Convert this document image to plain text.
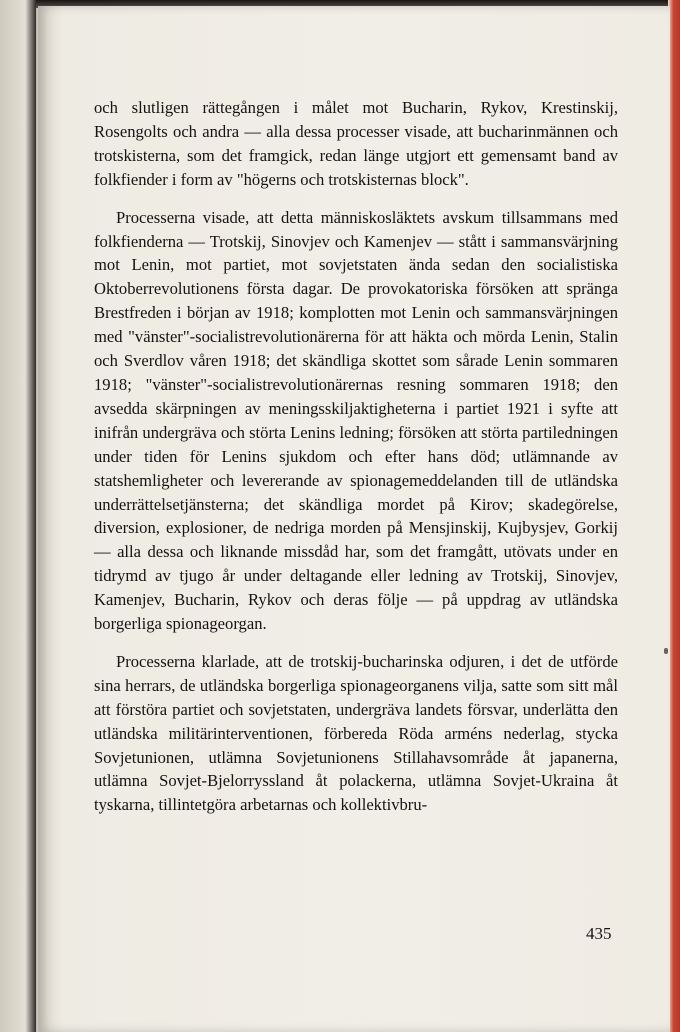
och slutligen rättegången i målet mot Bucharin, Rykov, Krestinskij, Rosengolts och andra — alla dessa processer visade, att bucharinmännen och trotskisterna, som det framgick, redan länge utgjort ett gemensamt band av folkfiender i form av "högerns och trotskisternas block".

Processerna visade, att detta människosläktets avskum tillsammans med folkfienderna — Trotskij, Sinovjev och Kamenjev — stått i sammansvärjning mot Lenin, mot partiet, mot sovjetstaten ända sedan den socialistiska Oktoberrevolutionens första dagar. De provokatoriska försöken att spränga Brestfreden i början av 1918; komplotten mot Lenin och sammansvärjningen med "vänster"-socialistrevolutionärerna för att häkta och mörda Lenin, Stalin och Sverdlov våren 1918; det skändliga skottet som sårade Lenin sommaren 1918; "vänster"-socialistrevolutionärernas resning sommaren 1918; den avsedda skärpningen av meningsskiljaktigheterna i partiet 1921 i syfte att inifrån undergräva och störta Lenins ledning; försöken att störta partiledningen under tiden för Lenins sjukdom och efter hans död; utlämnande av statshemligheter och levererande av spionagemeddelanden till de utländska underrättelsetjänsterna; det skändliga mordet på Kirov; skadegörelse, diversion, explosioner, de nedriga morden på Mensjinskij, Kujbysjev, Gorkij — alla dessa och liknande missdåd har, som det framgått, utövats under en tidrymd av tjugo år under deltagande eller ledning av Trotskij, Sinovjev, Kamenjev, Bucharin, Rykov och deras följe — på uppdrag av utländska borgerliga spionageorgan.

Processerna klarlade, att de trotskij-bucharinska odjuren, i det de utförde sina herrars, de utländska borgerliga spionageorganens vilja, satte som sitt mål att förstöra partiet och sovjetstaten, undergräva landets försvar, underlätta den utländska militärinterventionen, förbereda Röda arméns nederlag, stycka Sovjetunionen, utlämna Sovjetunionens Stillahavsområde åt japanerna, utlämna Sovjet-Bjelorryssland åt polackerna, utlämna Sovjet-Ukraina åt tyskarna, tillintetgöra arbetarnas och kollektivbru-

435
